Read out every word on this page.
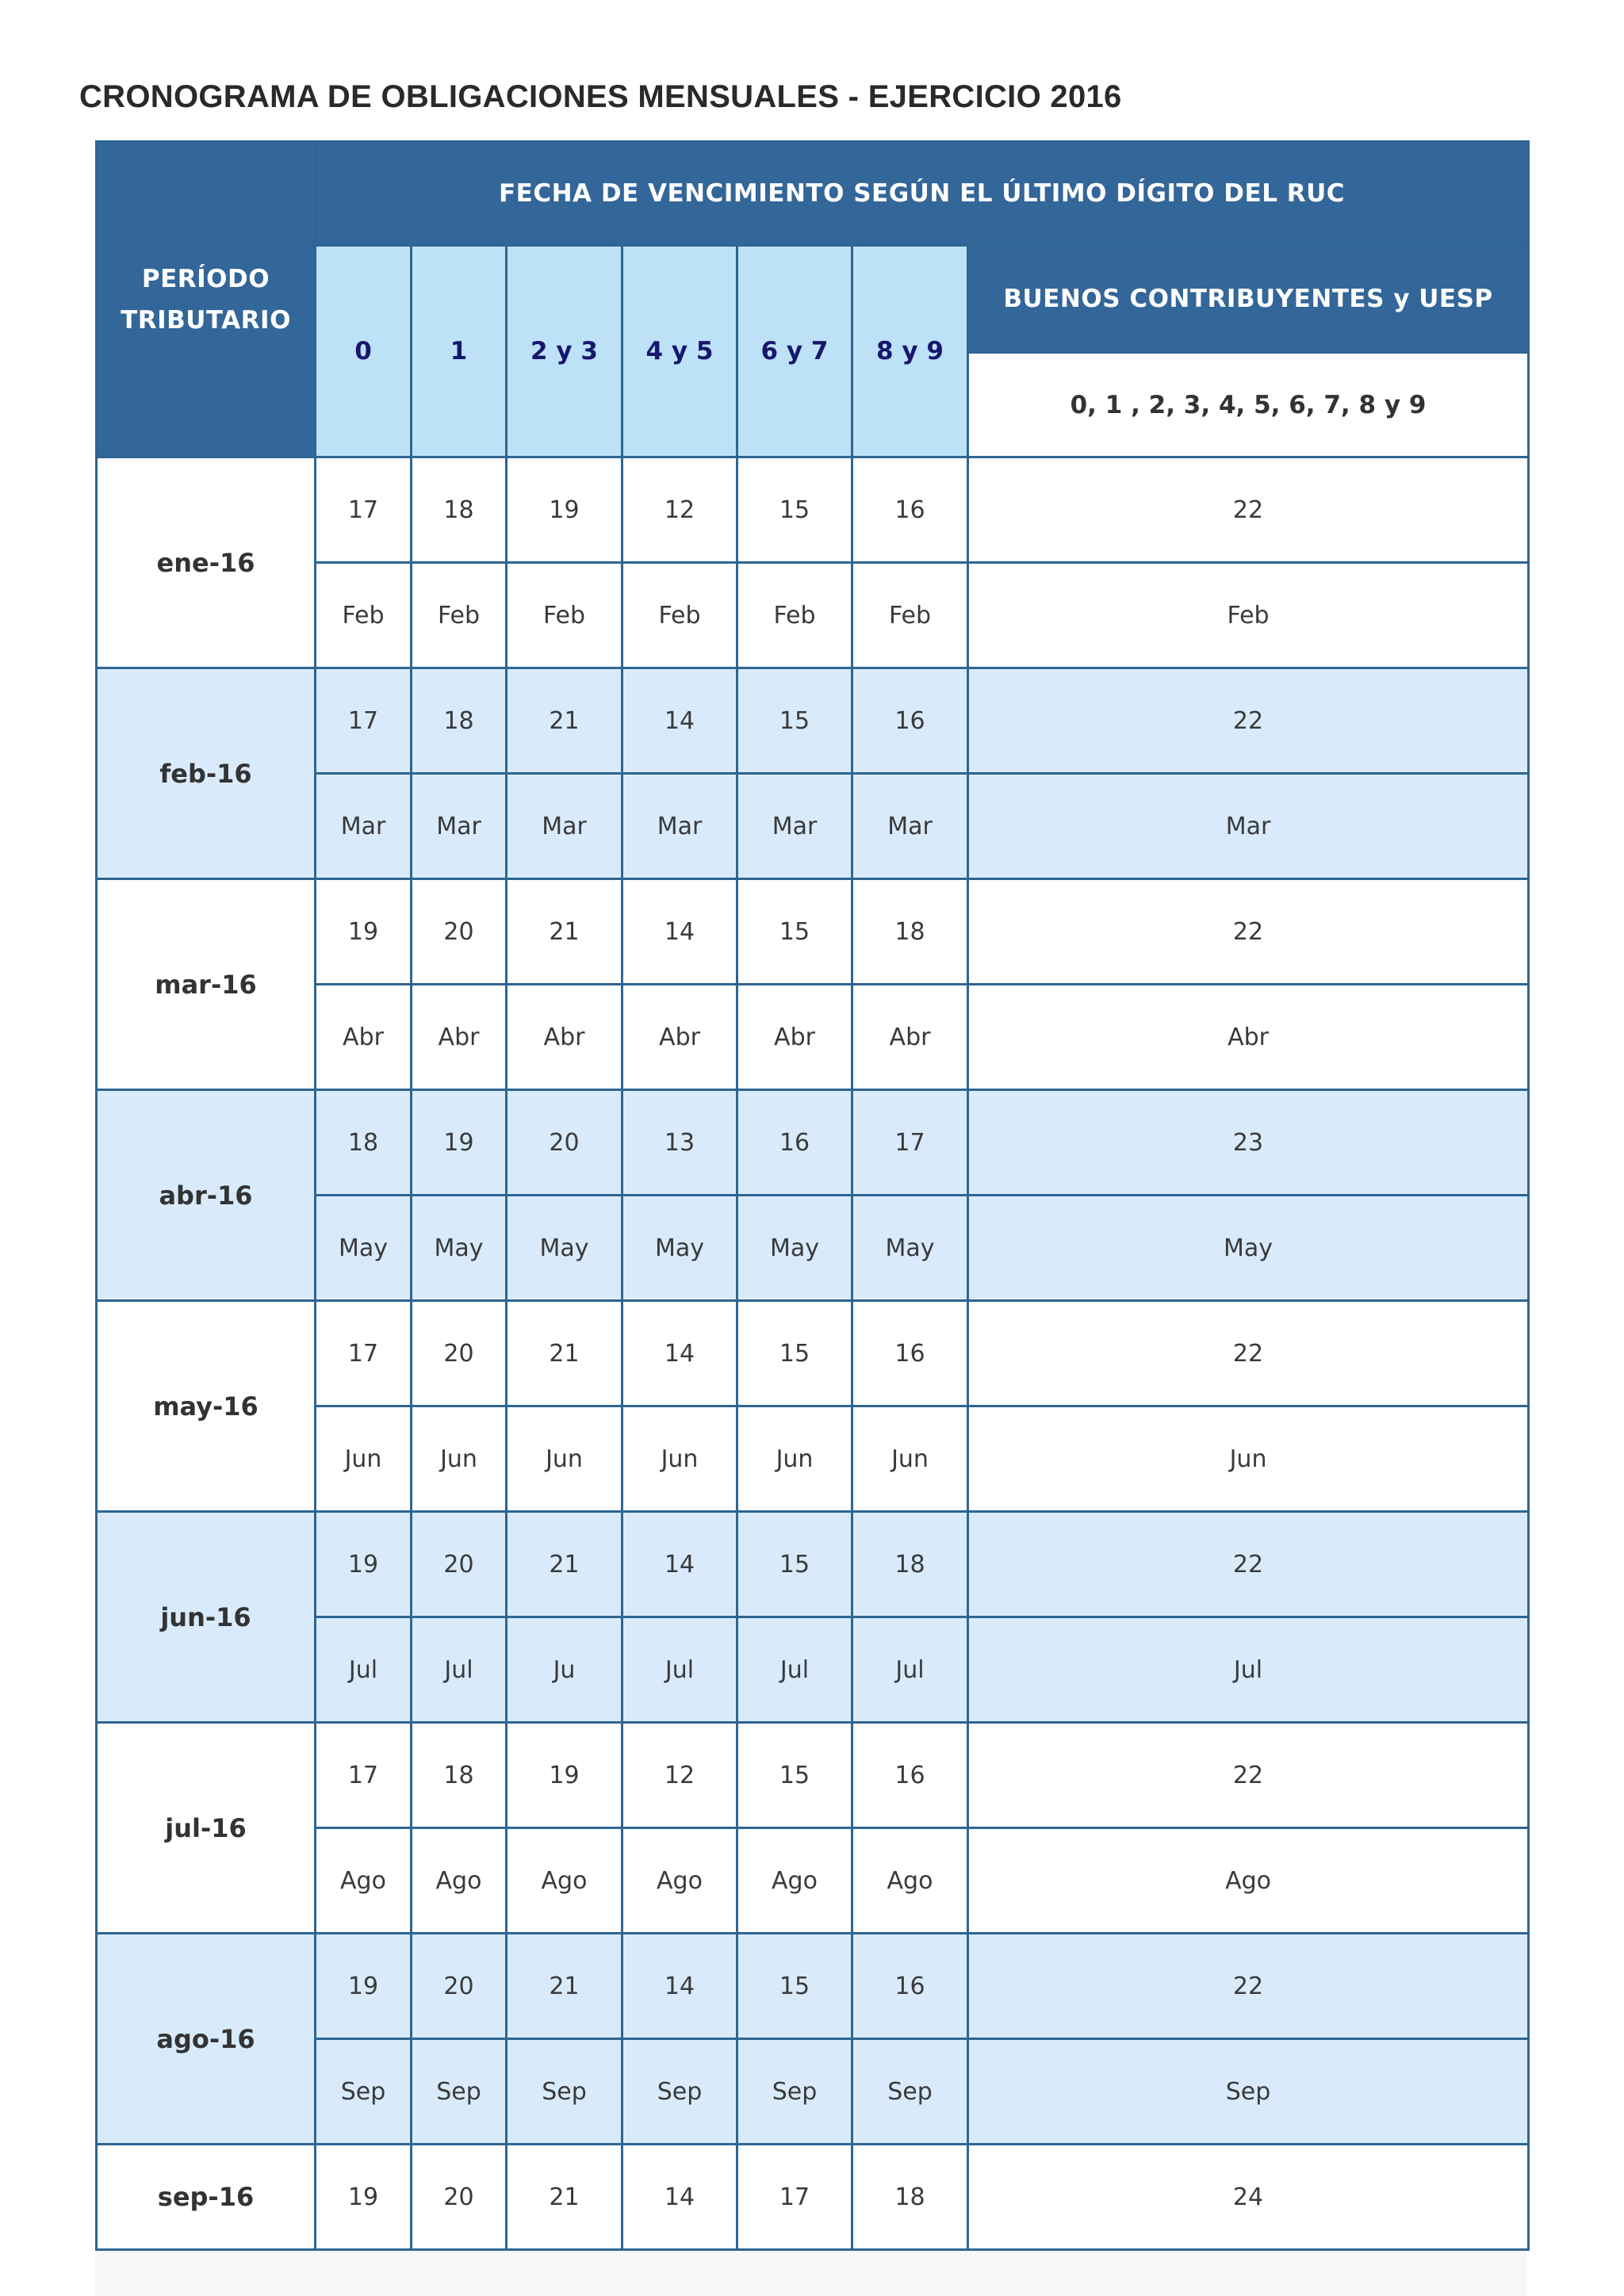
CRONOGRAMA DE OBLIGACIONES MENSUALES - EJERCICIO 2016
PERÍODO TRIBUTARIO	FECHA DE VENCIMIENTO SEGÚN EL ÚLTIMO DÍGITO DEL RUC						
	0	1	2 y 3	4 y 5	6 y 7	8 y 9	BUENOS CONTRIBUYENTES y UESP
							0, 1 , 2, 3, 4, 5, 6, 7, 8 y 9
ene-16	17	18	19	12	15	16	22
	Feb	Feb	Feb	Feb	Feb	Feb	Feb
feb-16	17	18	21	14	15	16	22
	Mar	Mar	Mar	Mar	Mar	Mar	Mar
mar-16	19	20	21	14	15	18	22
	Abr	Abr	Abr	Abr	Abr	Abr	Abr
abr-16	18	19	20	13	16	17	23
	May	May	May	May	May	May	May
may-16	17	20	21	14	15	16	22
	Jun	Jun	Jun	Jun	Jun	Jun	Jun
jun-16	19	20	21	14	15	18	22
	Jul	Jul	Ju	Jul	Jul	Jul	Jul
jul-16	17	18	19	12	15	16	22
	Ago	Ago	Ago	Ago	Ago	Ago	Ago
ago-16	19	20	21	14	15	16	22
	Sep	Sep	Sep	Sep	Sep	Sep	Sep
sep-16	19	20	21	14	17	18	24
